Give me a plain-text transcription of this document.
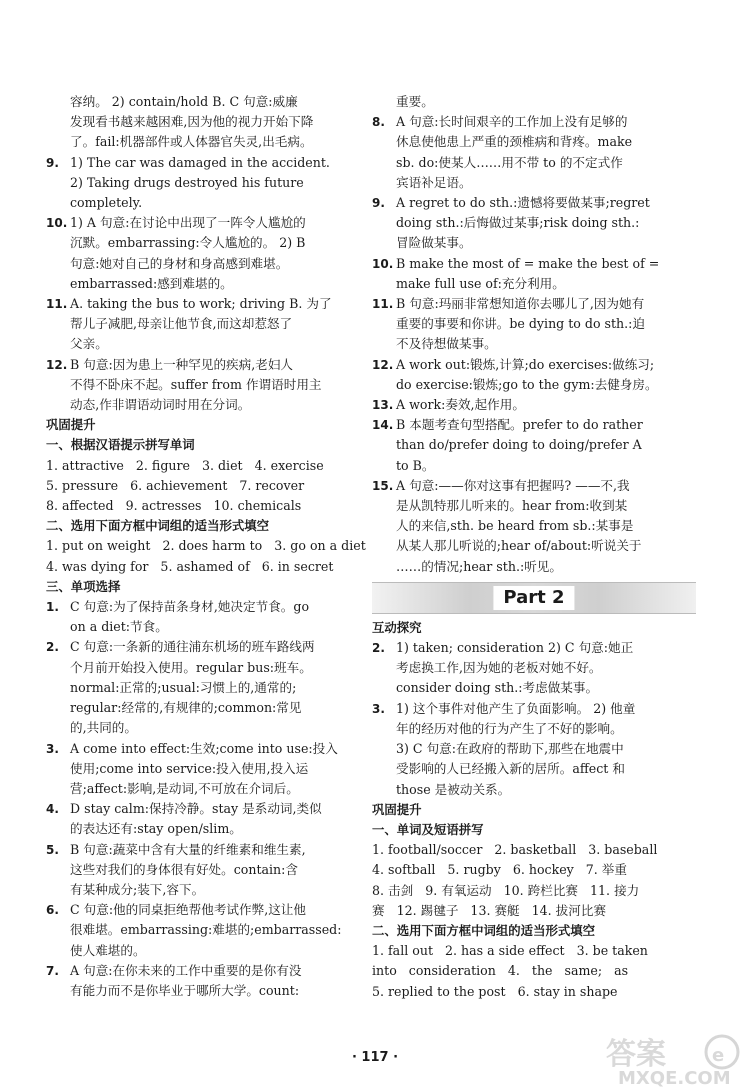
容纳。 2) contain/hold B. C 句意:威廉

发现看书越来越困难,因为他的视力开始下降

了。fail:机器部件或人体器官失灵,出毛病。

9. 1) The car was damaged in the accident.

2) Taking drugs destroyed his future

completely.

10. 1) A 句意:在讨论中出现了一阵令人尴尬的

沉默。embarrassing:令人尴尬的。 2) B

句意:她对自己的身材和身高感到难堪。

embarrassed:感到难堪的。

11. A. taking the bus to work; driving B. 为了

帮儿子减肥,母亲让他节食,而这却惹怒了

父亲。

12. B 句意:因为患上一种罕见的疾病,老妇人

不得不卧床不起。suffer from 作谓语时用主

动态,作非谓语动词时用在分词。

巩固提升

一、根据汉语提示拼写单词

1. attractive   2. figure   3. diet   4. exercise

5. pressure   6. achievement   7. recover

8. affected   9. actresses   10. chemicals

二、选用下面方框中词组的适当形式填空

1. put on weight   2. does harm to   3. go on a diet

4. was dying for   5. ashamed of   6. in secret

三、单项选择

1. C 句意:为了保持苗条身材,她决定节食。go

on a diet:节食。

2. C 句意:一条新的通往浦东机场的班车路线两

个月前开始投入使用。regular bus:班车。

normal:正常的;usual:习惯上的,通常的;

regular:经常的,有规律的;common:常见

的,共同的。

3. A come into effect:生效;come into use:投入

使用;come into service:投入使用,投入运

营;affect:影响,是动词,不可放在介词后。

4. D stay calm:保持冷静。stay 是系动词,类似

的表达还有:stay open/slim。

5. B 句意:蔬菜中含有大量的纤维素和维生素,

这些对我们的身体很有好处。contain:含

有某种成分;装下,容下。

6. C 句意:他的同桌拒绝帮他考试作弊,这让他

很难堪。embarrassing:难堪的;embarrassed:

使人难堪的。

7. A 句意:在你未来的工作中重要的是你有没

有能力而不是你毕业于哪所大学。count:

重要。

8. A 句意:长时间艰辛的工作加上没有足够的

休息使他患上严重的颈椎病和背疼。make

sb. do:使某人……用不带 to 的不定式作

宾语补足语。

9. A regret to do sth.:遗憾将要做某事;regret

doing sth.:后悔做过某事;risk doing sth.:

冒险做某事。

10. B make the most of = make the best of =

make full use of:充分利用。

11. B 句意:玛丽非常想知道你去哪儿了,因为她有

重要的事要和你讲。be dying to do sth.:迫

不及待想做某事。

12. A work out:锻炼,计算;do exercises:做练习;

do exercise:锻炼;go to the gym:去健身房。

13. A work:奏效,起作用。

14. B 本题考查句型搭配。prefer to do rather

than do/prefer doing to doing/prefer A

to B。

15. A 句意:——你对这事有把握吗? ——不,我

是从凯特那儿听来的。hear from:收到某

人的来信,sth. be heard from sb.:某事是

从某人那儿听说的;hear of/about:听说关于

……的情况;hear sth.:听见。

Part 2

互动探究

2. 1) taken; consideration 2) C 句意:她正

考虑换工作,因为她的老板对她不好。

consider doing sth.:考虑做某事。

3. 1) 这个事件对他产生了负面影响。 2) 他童

年的经历对他的行为产生了不好的影响。

3) C 句意:在政府的帮助下,那些在地震中

受影响的人已经搬入新的居所。affect 和

those 是被动关系。

巩固提升

一、单词及短语拼写

1. football/soccer   2. basketball   3. baseball

4. softball   5. rugby   6. hockey   7. 举重

8. 击剑   9. 有氧运动   10. 跨栏比赛   11. 接力

赛   12. 踢毽子   13. 赛艇   14. 拔河比赛

二、选用下面方框中词组的适当形式填空

1. fall out   2. has a side effect   3. be taken

into   consideration   4.   the   same;   as

5. replied to the post   6. stay in shape

· 117 ·	答案	e
MXQE.COM
